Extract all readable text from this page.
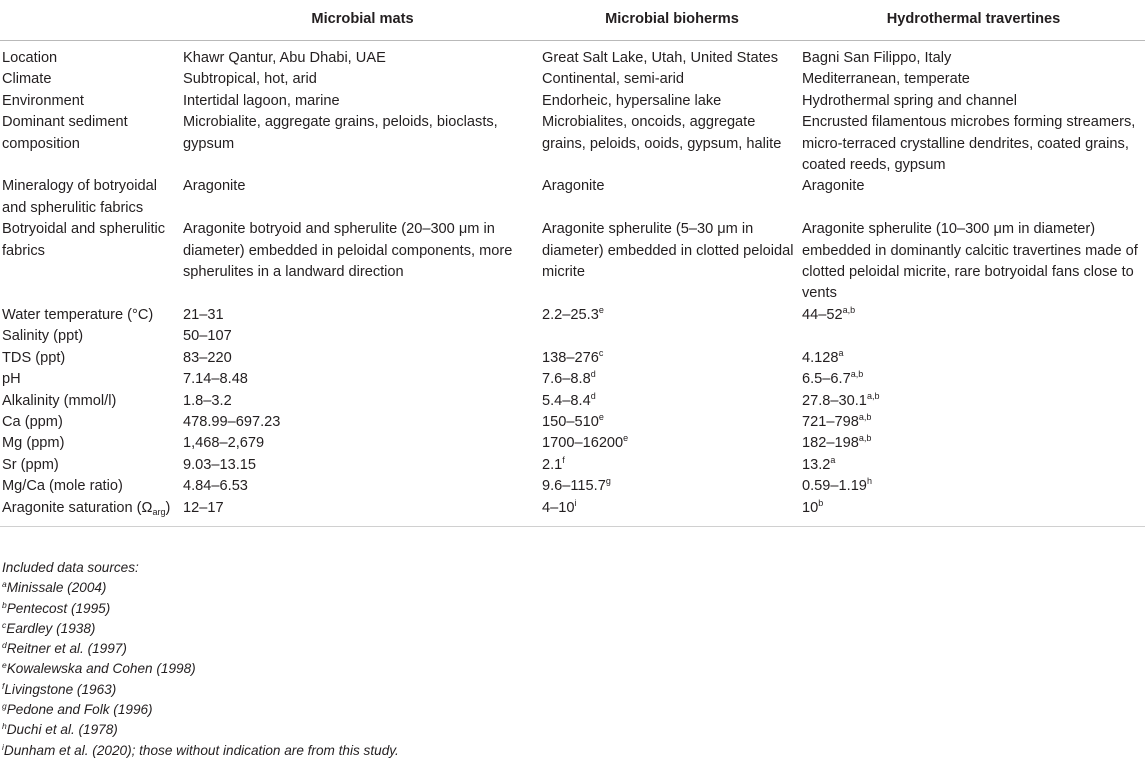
	Microbial mats	Microbial bioherms	Hydrothermal travertines
Location	Khawr Qantur, Abu Dhabi, UAE	Great Salt Lake, Utah, United States	Bagni San Filippo, Italy
Climate	Subtropical, hot, arid	Continental, semi-arid	Mediterranean, temperate
Environment	Intertidal lagoon, marine	Endorheic, hypersaline lake	Hydrothermal spring and channel
Dominant sediment composition	Microbialite, aggregate grains, peloids, bioclasts, gypsum	Microbialites, oncoids, aggregate grains, peloids, ooids, gypsum, halite	Encrusted filamentous microbes forming streamers, micro-terraced crystalline dendrites, coated grains, coated reeds, gypsum
Mineralogy of botryoidal and spherulitic fabrics	Aragonite	Aragonite	Aragonite
Botryoidal and spherulitic fabrics	Aragonite botryoid and spherulite (20–300 μm in diameter) embedded in peloidal components, more spherulites in a landward direction	Aragonite spherulite (5–30 μm in diameter) embedded in clotted peloidal micrite	Aragonite spherulite (10–300 μm in diameter) embedded in dominantly calcitic travertines made of clotted peloidal micrite, rare botryoidal fans close to vents
Water temperature (°C)	21–31	2.2–25.3e	44–52$^{a,b}$
Salinity (ppt)	50–107		
TDS (ppt)	83–220	138–276$^c$	4.128$^a$
pH	7.14–8.48	7.6–8.8$^d$	6.5–6.7$^{a,b}$
Alkalinity (mmol/l)	1.8–3.2	5.4–8.4$^d$	27.8–30.1$^{a,b}$
Ca (ppm)	478.99–697.23	150–510e	721–798$^{a,b}$
Mg (ppm)	1,468–2,679	1700–16200e	182–198$^{a,b}$
Sr (ppm)	9.03–13.15	2.1$^f$	13.2$^a$
Mg/Ca (mole ratio)	4.84–6.53	9.6–115.7$^g$	0.59–1.19$^h$
Aragonite saturation $(\Omega_{arg})$	12–17	4–10$^i$	10$^b$
Included data sources:
$^a$Minissale (2004)
$^b$Pentecost (1995)
$^c$Eardley (1938)
$^d$Reitner et al. (1997)
$^e$Kowalewska and Cohen (1998)
$^f$Livingstone (1963)
$^g$Pedone and Folk (1996)
$^h$Duchi et al. (1978)
$^i$Dunham et al. (2020); those without indication are from this study.
